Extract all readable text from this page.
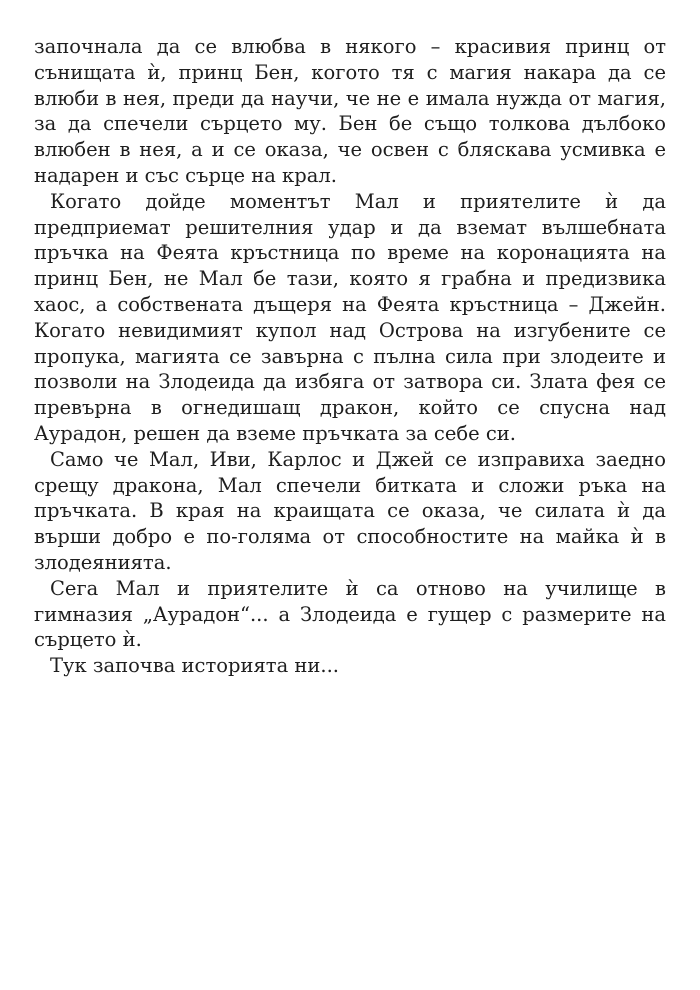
започнала да се влюбва в някого – красивия принц от сънищата ѝ, принц Бен, когото тя с магия накара да се влюби в нея, преди да научи, че не е имала нужда от магия, за да спечели сърцето му. Бен бе също толкова дълбоко влюбен в нея, а и се оказа, че освен с бляскава усмивка е надарен и със сърце на крал.

Когато дойде моментът Мал и приятелите ѝ да предприемат решителния удар и да вземат вълшебната пръчка на Феята кръстница по време на коронацията на принц Бен, не Мал бе тази, която я грабна и предизвика хаос, а собствената дъщеря на Феята кръстница – Джейн. Когато невидимият купол над Острова на изгубените се пропука, магията се завърна с пълна сила при злодеите и позволи на Злодеида да избяга от затвора си. Злата фея се превърна в огнедишащ дракон, който се спусна над Аурадон, решен да вземе пръчката за себе си.

Само че Мал, Иви, Карлос и Джей се изправиха заедно срещу дракона, Мал спечели битката и сложи ръка на пръчката. В края на краищата се оказа, че силата ѝ да върши добро е по-голяма от способностите на майка ѝ в злодеянията.

Сега Мал и приятелите ѝ са отново на училище в гимназия „Аурадон“... а Злодеида е гущер с размерите на сърцето ѝ.

Тук започва историята ни...
